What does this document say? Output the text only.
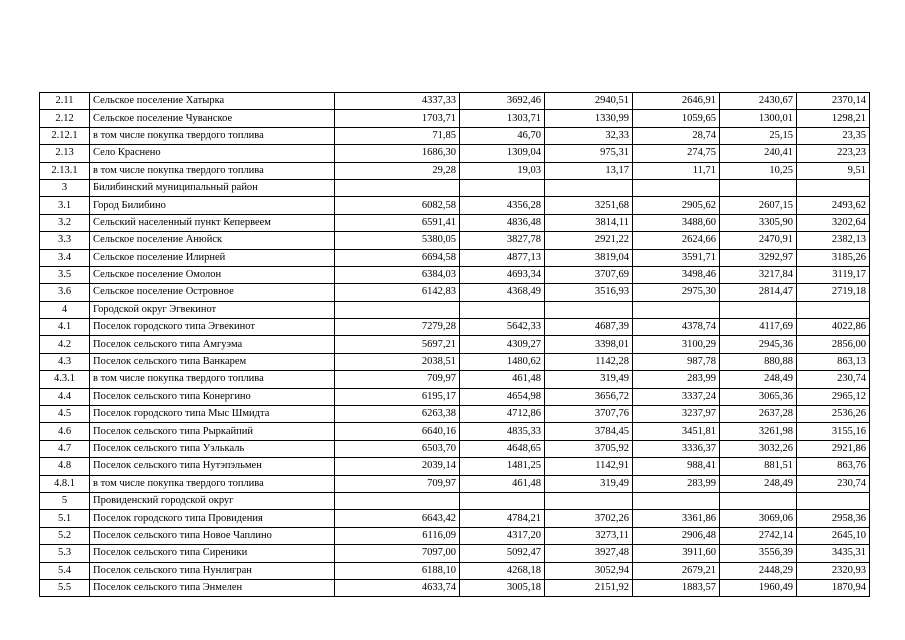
2.11	Сельское поселение Хатырка	4337,33	3692,46	2940,51	2646,91	2430,67	2370,14
2.12	Сельское поселение Чуванское	1703,71	1303,71	1330,99	1059,65	1300,01	1298,21
2.12.1	в том числе покупка твердого топлива	71,85	46,70	32,33	28,74	25,15	23,35
2.13	Село Краснено	1686,30	1309,04	975,31	274,75	240,41	223,23
2.13.1	в том числе покупка твердого топлива	29,28	19,03	13,17	11,71	10,25	9,51
3	Билибинский муниципальный район						
3.1	Город Билибино	6082,58	4356,28	3251,68	2905,62	2607,15	2493,62
3.2	Сельский населенный пункт Кепервеем	6591,41	4836,48	3814,11	3488,60	3305,90	3202,64
3.3	Сельское поселение Анюйск	5380,05	3827,78	2921,22	2624,66	2470,91	2382,13
3.4	Сельское поселение Илирней	6694,58	4877,13	3819,04	3591,71	3292,97	3185,26
3.5	Сельское поселение Омолон	6384,03	4693,34	3707,69	3498,46	3217,84	3119,17
3.6	Сельское поселение Островное	6142,83	4368,49	3516,93	2975,30	2814,47	2719,18
4	Городской округ Эгвекинот						
4.1	Поселок городского типа Эгвекинот	7279,28	5642,33	4687,39	4378,74	4117,69	4022,86
4.2	Поселок сельского типа Амгуэма	5697,21	4309,27	3398,01	3100,29	2945,36	2856,00
4.3	Поселок сельского типа Ванкарем	2038,51	1480,62	1142,28	987,78	880,88	863,13
4.3.1	в том числе покупка твердого топлива	709,97	461,48	319,49	283,99	248,49	230,74
4.4	Поселок сельского типа Конергино	6195,17	4654,98	3656,72	3337,24	3065,36	2965,12
4.5	Поселок городского типа Мыс Шмидта	6263,38	4712,86	3707,76	3237,97	2637,28	2536,26
4.6	Поселок сельского типа Рыркайпий	6640,16	4835,33	3784,45	3451,81	3261,98	3155,16
4.7	Поселок сельского типа Уэлькаль	6503,70	4648,65	3705,92	3336,37	3032,26	2921,86
4.8	Поселок сельского типа Нутэпэльмен	2039,14	1481,25	1142,91	988,41	881,51	863,76
4.8.1	в том числе покупка твердого топлива	709,97	461,48	319,49	283,99	248,49	230,74
5	Провиденский городской округ						
5.1	Поселок городского типа Провидения	6643,42	4784,21	3702,26	3361,86	3069,06	2958,36
5.2	Поселок сельского типа Новое Чаплино	6116,09	4317,20	3273,11	2906,48	2742,14	2645,10
5.3	Поселок сельского типа Сиреники	7097,00	5092,47	3927,48	3911,60	3556,39	3435,31
5.4	Поселок сельского типа Нунлигран	6188,10	4268,18	3052,94	2679,21	2448,29	2320,93
5.5	Поселок сельского типа Энмелен	4633,74	3005,18	2151,92	1883,57	1960,49	1870,94
